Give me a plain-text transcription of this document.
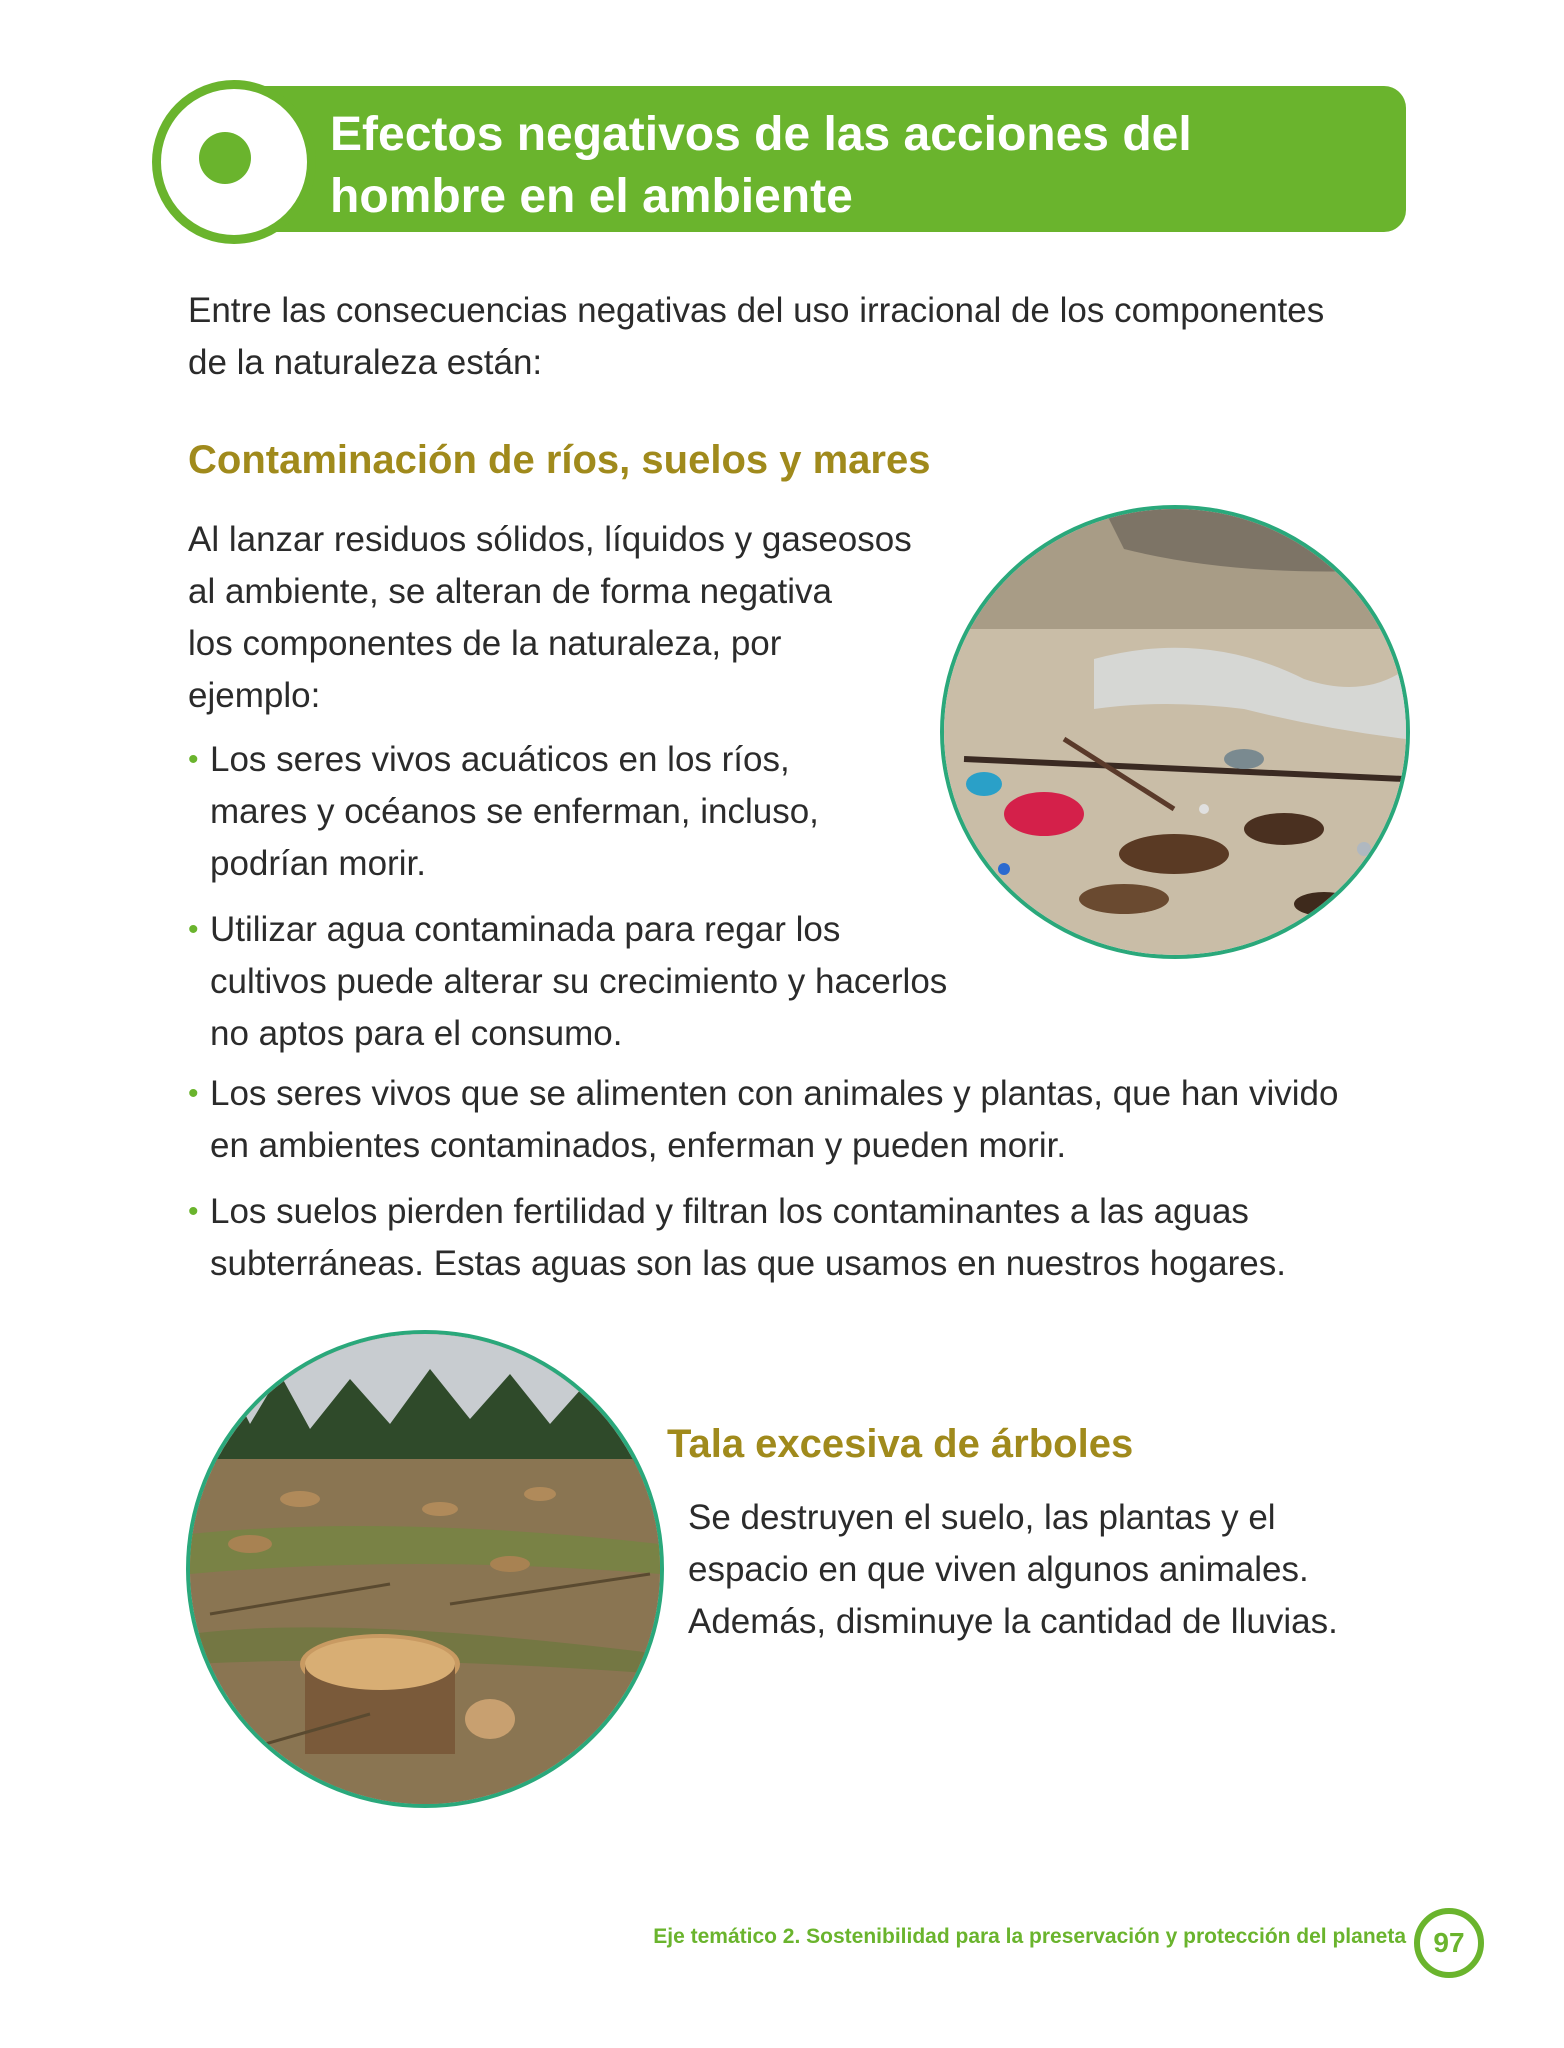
Efectos negativos de las acciones del
hombre en el ambiente

Entre las consecuencias negativas del uso irracional de los componentes
de la naturaleza están:

Contaminación de ríos, suelos y mares

Al lanzar residuos sólidos, líquidos y gaseosos
al ambiente, se alteran de forma negativa
los componentes de la naturaleza, por
ejemplo:

• Los seres vivos acuáticos en los ríos,
mares y océanos se enferman, incluso,
podrían morir.
• Utilizar agua contaminada para regar los
cultivos puede alterar su crecimiento y hacerlos
no aptos para el consumo.
• Los seres vivos que se alimenten con animales y plantas, que han vivido
en ambientes contaminados, enferman y pueden morir.
• Los suelos pierden fertilidad y filtran los contaminantes a las aguas
subterráneas. Estas aguas son las que usamos en nuestros hogares.
Tala excesiva de árboles

Se destruyen el suelo, las plantas y el
espacio en que viven algunos animales.
Además, disminuye la cantidad de lluvias.

Eje temático 2. Sostenibilidad para la preservación y protección del planeta 97
